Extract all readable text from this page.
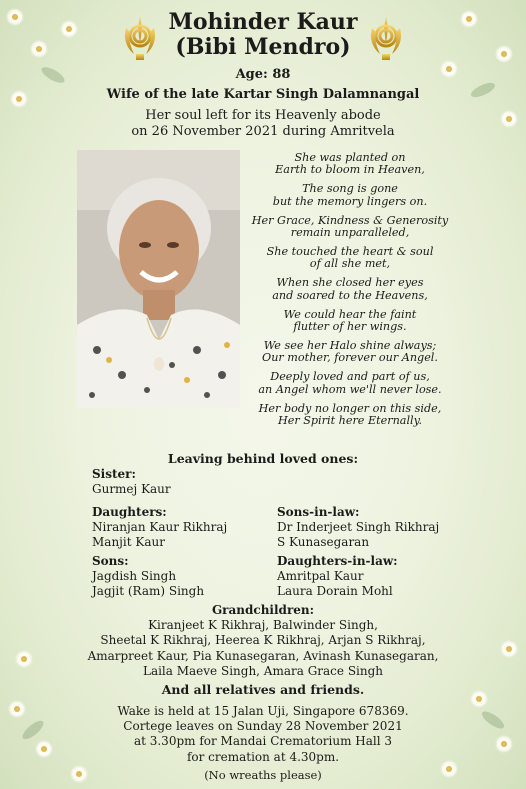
Mohinder Kaur
(Bibi Mendro)
Age: 88
Wife of the late Kartar Singh Dalamnangal
Her soul left for its Heavenly abode
on 26 November 2021 during Amritvela
She was planted on
Earth to bloom in Heaven,
The song is gone
but the memory lingers on.
Her Grace, Kindness & Generosity
remain unparalleled,
She touched the heart & soul
of all she met,
When she closed her eyes
and soared to the Heavens,
We could hear the faint
flutter of her wings.
We see her Halo shine always;
Our mother, forever our Angel.
Deeply loved and part of us,
an Angel whom we'll never lose.
Her body no longer on this side,
Her Spirit here Eternally.
Leaving behind loved ones:
Sister:
Gurmej Kaur
Daughters:
Niranjan Kaur Rikhraj
Manjit Kaur
Sons-in-law:
Dr Inderjeet Singh Rikhraj
S Kunasegaran
Sons:
Jagdish Singh
Jagjit (Ram) Singh
Daughters-in-law:
Amritpal Kaur
Laura Dorain Mohl
Grandchildren:
Kiranjeet K Rikhraj, Balwinder Singh,
Sheetal K Rikhraj, Heerea K Rikhraj, Arjan S Rikhraj,
Amarpreet Kaur, Pia Kunasegaran, Avinash Kunasegaran,
Laila Maeve Singh, Amara Grace Singh
And all relatives and friends.
Wake is held at 15 Jalan Uji, Singapore 678369.
Cortege leaves on Sunday 28 November 2021
at 3.30pm for Mandai Crematorium Hall 3
for cremation at 4.30pm.
(No wreaths please)
